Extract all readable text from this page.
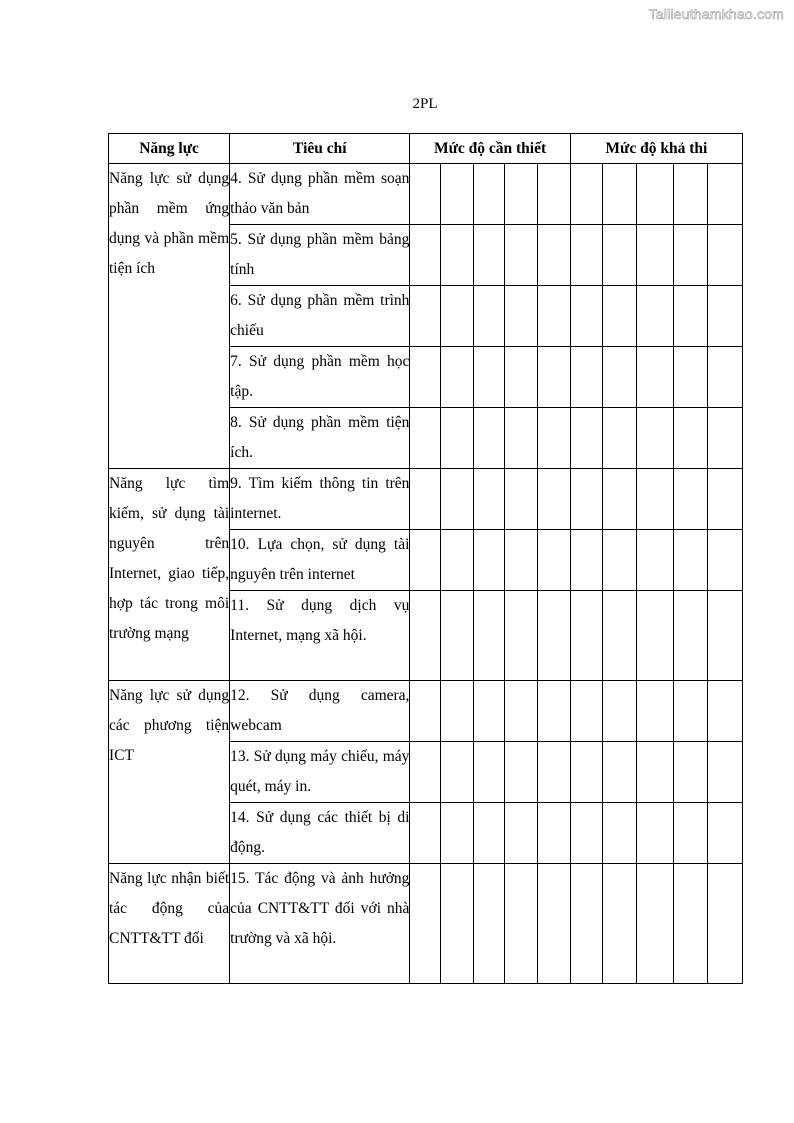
Tailieuthamkhao.com
2PL
Năng lực	Tiêu chí	Mức độ cần thiết					Mức độ khả thi				
Năng lực sử dụng phần mềm ứng dụng và phần mềm tiện ích	4. Sử dụng phần mềm soạn thảo văn bản										
	5. Sử dụng phần mềm bảng tính										
	6. Sử dụng phần mềm trình chiếu										
	7. Sử dụng phần mềm học tập.										
	8. Sử dụng phần mềm tiện ích.										
Năng lực tìm kiếm, sử dụng tài nguyên trên Internet, giao tiếp, hợp tác trong môi trường mạng	9. Tìm kiếm thông tin trên internet.										
	10. Lựa chọn, sử dụng tài nguyên trên internet										
	11. Sử dụng dịch vụ Internet, mạng xã hội.										
Năng lực sử dụng các phương tiện ICT	12. Sử dụng camera, webcam										
	13. Sử dụng máy chiếu, máy quét, máy in.										
	14. Sử dụng các thiết bị di động.										
Năng lực nhận biết tác động của CNTT&TT đối	15. Tác động và ảnh hưởng của CNTT&TT đối với nhà trường và xã hội.										
